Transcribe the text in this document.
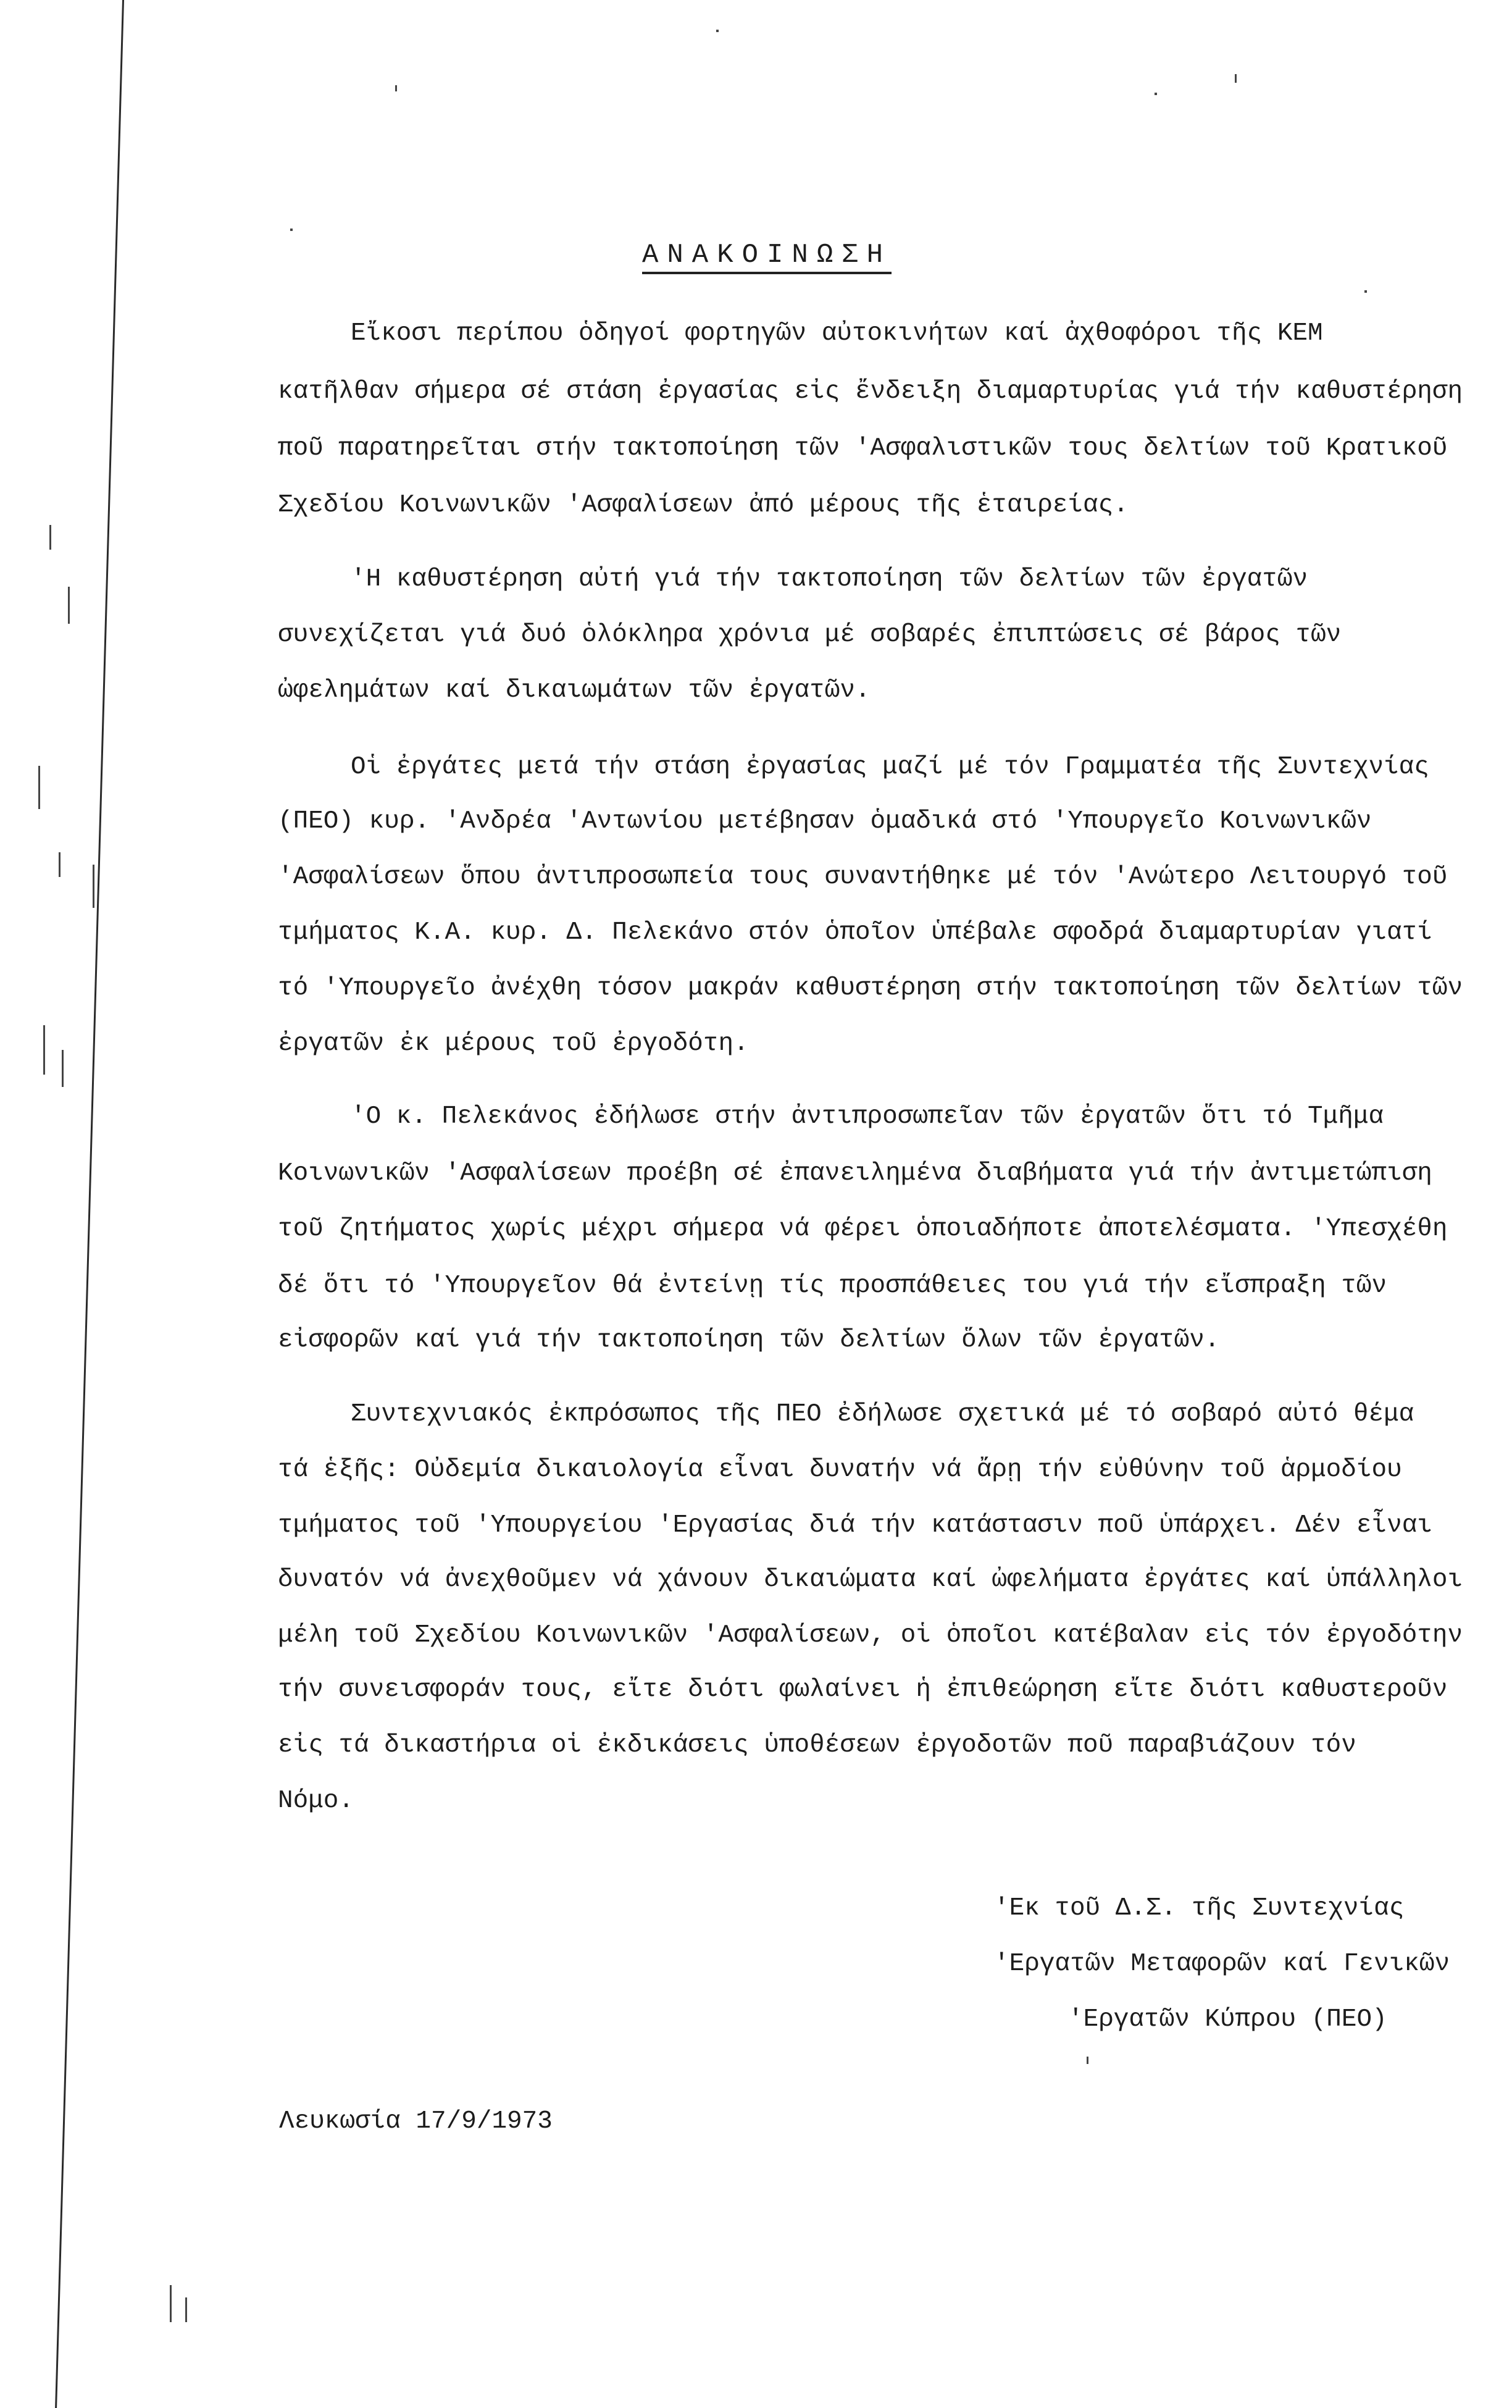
ΑΝΑΚΟΙΝΩΣΗ
Εἴκοσι περίπου ὁδηγοί φορτηγῶν αὐτοκινήτων καί ἀχθοφόροι τῆς ΚΕΜ
κατῆλθαν σήμερα σέ στάση ἐργασίας εἰς ἔνδειξη διαμαρτυρίας γιά τήν καθυστέρηση
ποῦ παρατηρεῖται στήν τακτοποίηση τῶν 'Ασφαλιστικῶν τους δελτίων τοῦ Κρατικοῦ
Σχεδίου Κοινωνικῶν 'Ασφαλίσεων ἀπό μέρους τῆς ἑταιρείας.
'Η καθυστέρηση αὐτή γιά τήν τακτοποίηση τῶν δελτίων τῶν ἐργατῶν
συνεχίζεται γιά δυό ὁλόκληρα χρόνια μέ σοβαρές ἐπιπτώσεις σέ βάρος τῶν
ὠφελημάτων καί δικαιωμάτων τῶν ἐργατῶν.
Οἱ ἐργάτες μετά τήν στάση ἐργασίας μαζί μέ τόν Γραμματέα τῆς Συντεχνίας
(ΠΕΟ) κυρ. 'Ανδρέα 'Αντωνίου μετέβησαν ὁμαδικά στό 'Υπουργεῖο Κοινωνικῶν
'Ασφαλίσεων ὅπου ἀντιπροσωπεία τους συναντήθηκε μέ τόν 'Ανώτερο Λειτουργό τοῦ
τμήματος Κ.Α. κυρ. Δ. Πελεκάνο στόν ὁποῖον ὑπέβαλε σφοδρά διαμαρτυρίαν γιατί
τό 'Υπουργεῖο ἀνέχθη τόσον μακράν καθυστέρηση στήν τακτοποίηση τῶν δελτίων τῶν
ἐργατῶν ἐκ μέρους τοῦ ἐργοδότη.
'Ο κ. Πελεκάνος ἐδήλωσε στήν ἀντιπροσωπεῖαν τῶν ἐργατῶν ὅτι τό Τμῆμα
Κοινωνικῶν 'Ασφαλίσεων προέβη σέ ἐπανειλημένα διαβήματα γιά τήν ἀντιμετώπιση
τοῦ ζητήματος χωρίς μέχρι σήμερα νά φέρει ὁποιαδήποτε ἀποτελέσματα. 'Υπεσχέθη
δέ ὅτι τό 'Υπουργεῖον θά ἐντείνῃ τίς προσπάθειες του γιά τήν εἴσπραξη τῶν
εἰσφορῶν καί γιά τήν τακτοποίηση τῶν δελτίων ὅλων τῶν ἐργατῶν.
Συντεχνιακός ἐκπρόσωπος τῆς ΠΕΟ ἐδήλωσε σχετικά μέ τό σοβαρό αὐτό θέμα
τά ἑξῆς: Οὐδεμία δικαιολογία εἶναι δυνατήν νά ἄρῃ τήν εὐθύνην τοῦ ἁρμοδίου
τμήματος τοῦ 'Υπουργείου 'Εργασίας διά τήν κατάστασιν ποῦ ὑπάρχει. Δέν εἶναι
δυνατόν νά ἀνεχθοῦμεν νά χάνουν δικαιώματα καί ὠφελήματα ἐργάτες καί ὑπάλληλοι
μέλη τοῦ Σχεδίου Κοινωνικῶν 'Ασφαλίσεων, οἱ ὁποῖοι κατέβαλαν εἰς τόν ἐργοδότην
τήν συνεισφοράν τους, εἴτε διότι φωλαίνει ἡ ἐπιθεώρηση εἴτε διότι καθυστεροῦν
εἰς τά δικαστήρια οἱ ἐκδικάσεις ὑποθέσεων ἐργοδοτῶν ποῦ παραβιάζουν τόν
Νόμο.
'Εκ τοῦ Δ.Σ. τῆς Συντεχνίας
'Εργατῶν Μεταφορῶν καί Γενικῶν
'Εργατῶν Κύπρου (ΠΕΟ)
Λευκωσία 17/9/1973
